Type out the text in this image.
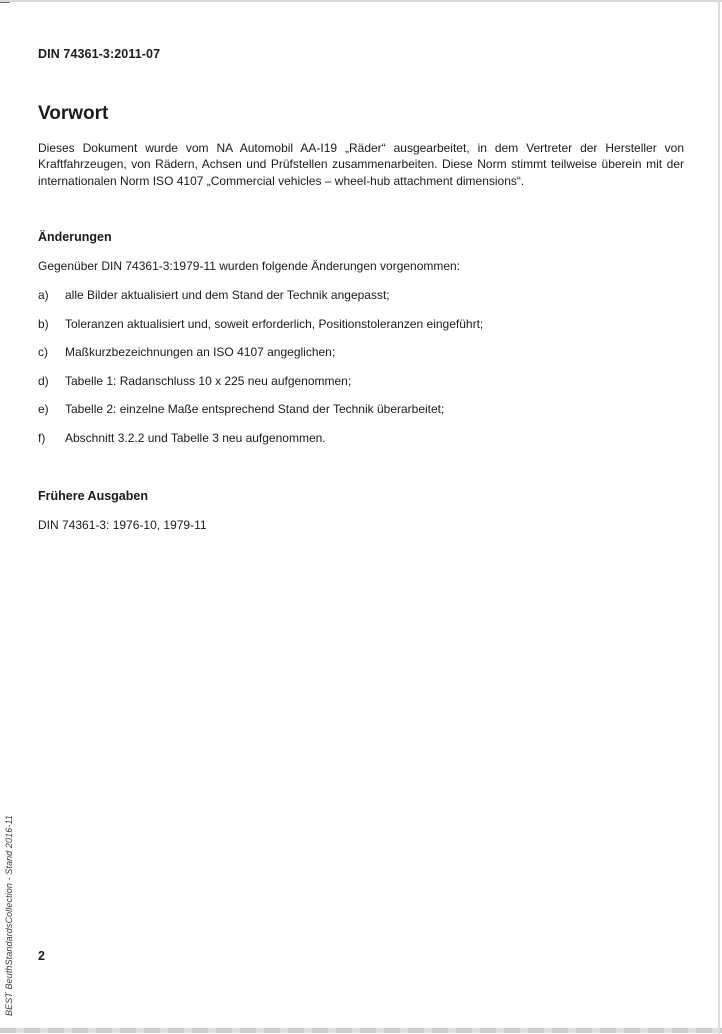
DIN 74361-3:2011-07
Vorwort

Dieses Dokument wurde vom NA Automobil AA-I19 „Räder“ ausgearbeitet, in dem Vertreter der Hersteller von Kraftfahrzeugen, von Rädern, Achsen und Prüfstellen zusammenarbeiten. Diese Norm stimmt teilweise überein mit der internationalen Norm ISO 4107 „Commercial vehicles – wheel-hub attachment dimensions“.

Änderungen

Gegenüber DIN 74361-3:1979-11 wurden folgende Änderungen vorgenommen:

a)	alle Bilder aktualisiert und dem Stand der Technik angepasst;
b)	Toleranzen aktualisiert und, soweit erforderlich, Positionstoleranzen eingeführt;
c)	Maßkurzbezeichnungen an ISO 4107 angeglichen;
d)	Tabelle 1: Radanschluss 10 x 225 neu aufgenommen;
e)	Tabelle 2: einzelne Maße entsprechend Stand der Technik überarbeitet;
f)	Abschnitt 3.2.2 und Tabelle 3 neu aufgenommen.
Frühere Ausgaben

DIN 74361-3: 1976-10, 1979-11

BEST BeuthStandardsCollection - Stand 2016-11 2
